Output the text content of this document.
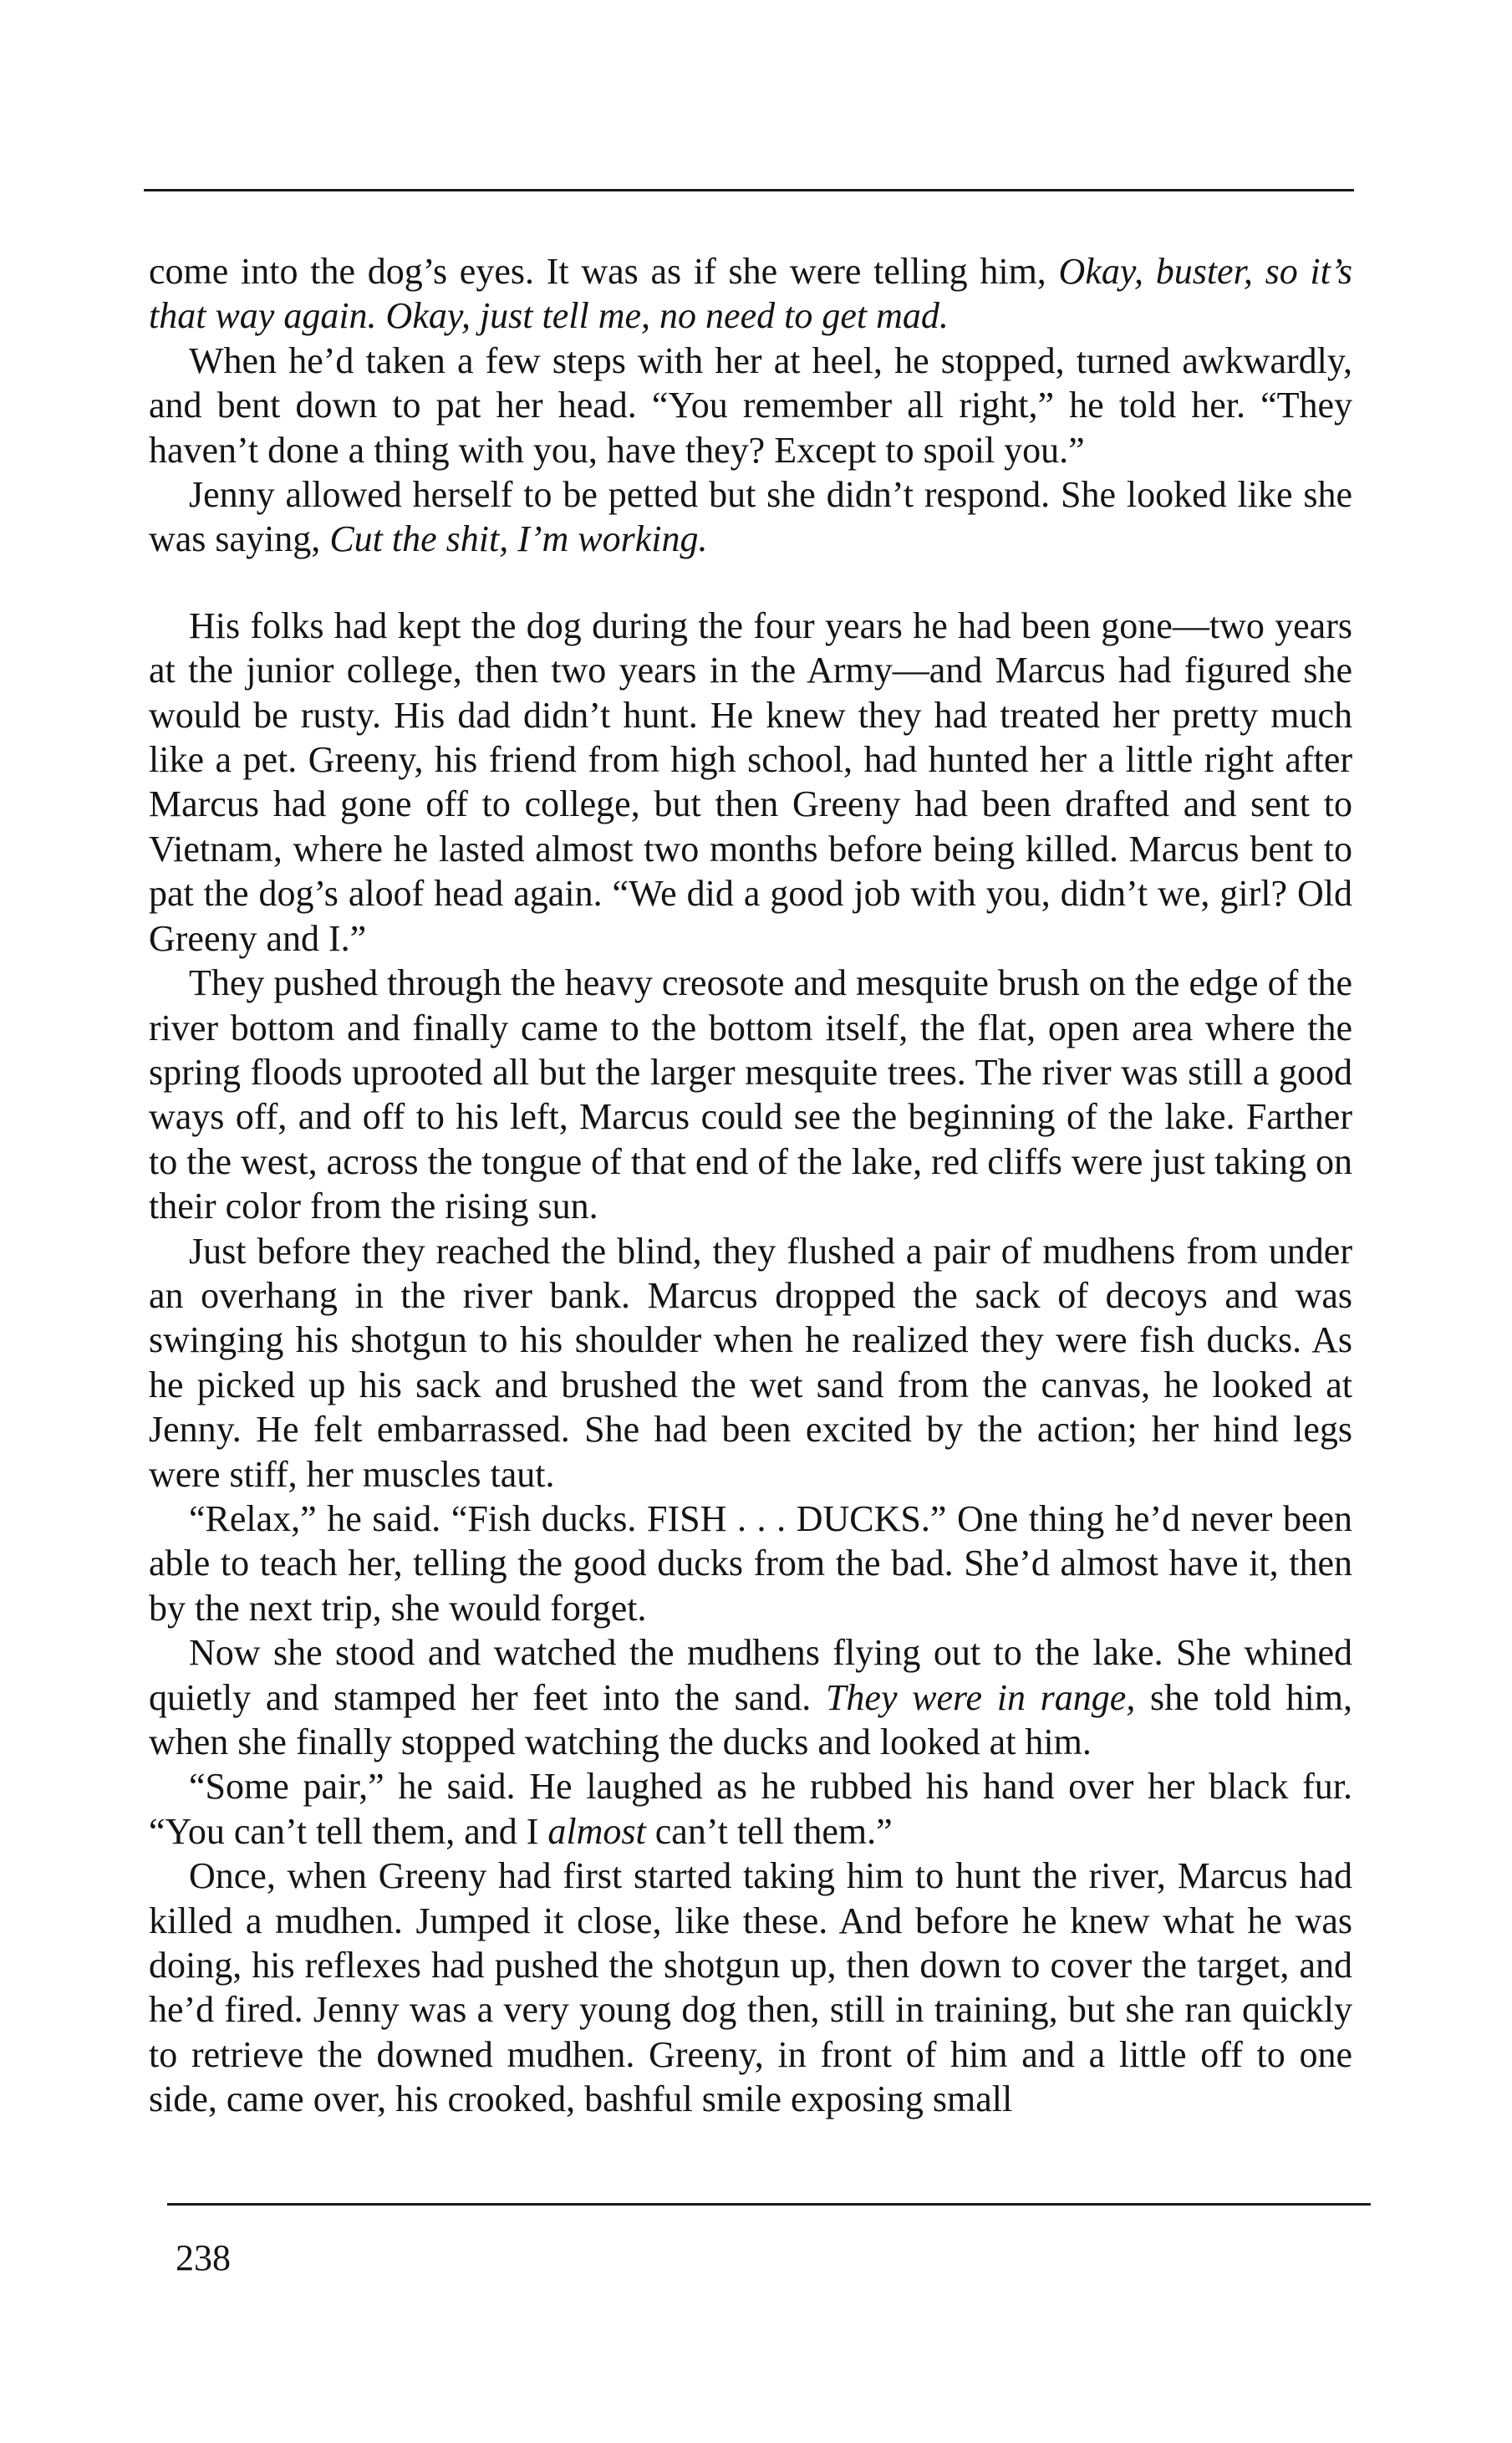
come into the dog’s eyes. It was as if she were telling him, Okay, buster, so it’s that way again. Okay, just tell me, no need to get mad.

When he’d taken a few steps with her at heel, he stopped, turned awkwardly, and bent down to pat her head. “You remember all right,” he told her. “They haven’t done a thing with you, have they? Except to spoil you.”

Jenny allowed herself to be petted but she didn’t respond. She looked like she was saying, Cut the shit, I’m working.

His folks had kept the dog during the four years he had been gone—two years at the junior college, then two years in the Army—and Marcus had figured she would be rusty. His dad didn’t hunt. He knew they had treated her pretty much like a pet. Greeny, his friend from high school, had hunted her a little right after Marcus had gone off to college, but then Greeny had been drafted and sent to Vietnam, where he lasted almost two months before being killed. Marcus bent to pat the dog’s aloof head again. “We did a good job with you, didn’t we, girl? Old Greeny and I.”

They pushed through the heavy creosote and mesquite brush on the edge of the river bottom and finally came to the bottom itself, the flat, open area where the spring floods uprooted all but the larger mesquite trees. The river was still a good ways off, and off to his left, Marcus could see the beginning of the lake. Farther to the west, across the tongue of that end of the lake, red cliffs were just taking on their color from the rising sun.

Just before they reached the blind, they flushed a pair of mudhens from under an overhang in the river bank. Marcus dropped the sack of decoys and was swinging his shotgun to his shoulder when he realized they were fish ducks. As he picked up his sack and brushed the wet sand from the canvas, he looked at Jenny. He felt embarrassed. She had been excited by the action; her hind legs were stiff, her muscles taut.

“Relax,” he said. “Fish ducks. FISH . . . DUCKS.” One thing he’d never been able to teach her, telling the good ducks from the bad. She’d almost have it, then by the next trip, she would forget.

Now she stood and watched the mudhens flying out to the lake. She whined quietly and stamped her feet into the sand. They were in range, she told him, when she finally stopped watching the ducks and looked at him.

“Some pair,” he said. He laughed as he rubbed his hand over her black fur. “You can’t tell them, and I almost can’t tell them.”

Once, when Greeny had first started taking him to hunt the river, Marcus had killed a mudhen. Jumped it close, like these. And before he knew what he was doing, his reflexes had pushed the shotgun up, then down to cover the target, and he’d fired. Jenny was a very young dog then, still in training, but she ran quickly to retrieve the downed mudhen. Greeny, in front of him and a little off to one side, came over, his crooked, bashful smile exposing small

238
